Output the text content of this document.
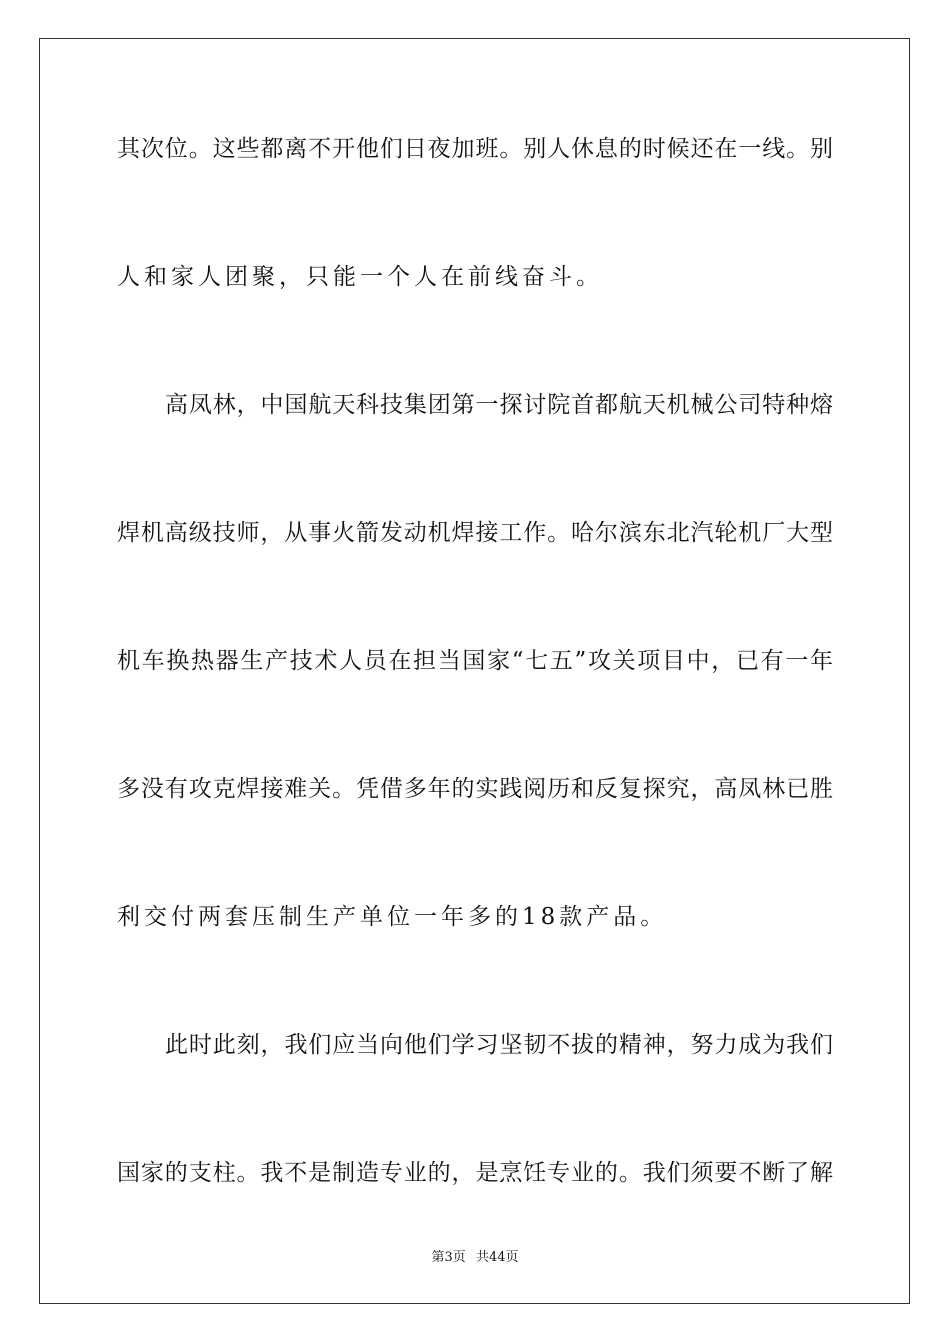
其次位。这些都离不开他们日夜加班。别人休息的时候还在一线。别
人和家人团聚，只能一个人在前线奋斗。
高凤林，中国航天科技集团第一探讨院首都航天机械公司特种熔
焊机高级技师，从事火箭发动机焊接工作。哈尔滨东北汽轮机厂大型
机车换热器生产技术人员在担当国家“七五”攻关项目中，已有一年
多没有攻克焊接难关。凭借多年的实践阅历和反复探究，高凤林已胜
利交付两套压制生产单位一年多的18款产品。
此时此刻，我们应当向他们学习坚韧不拔的精神，努力成为我们
国家的支柱。我不是制造专业的，是烹饪专业的。我们须要不断了解
第3页 共44页
